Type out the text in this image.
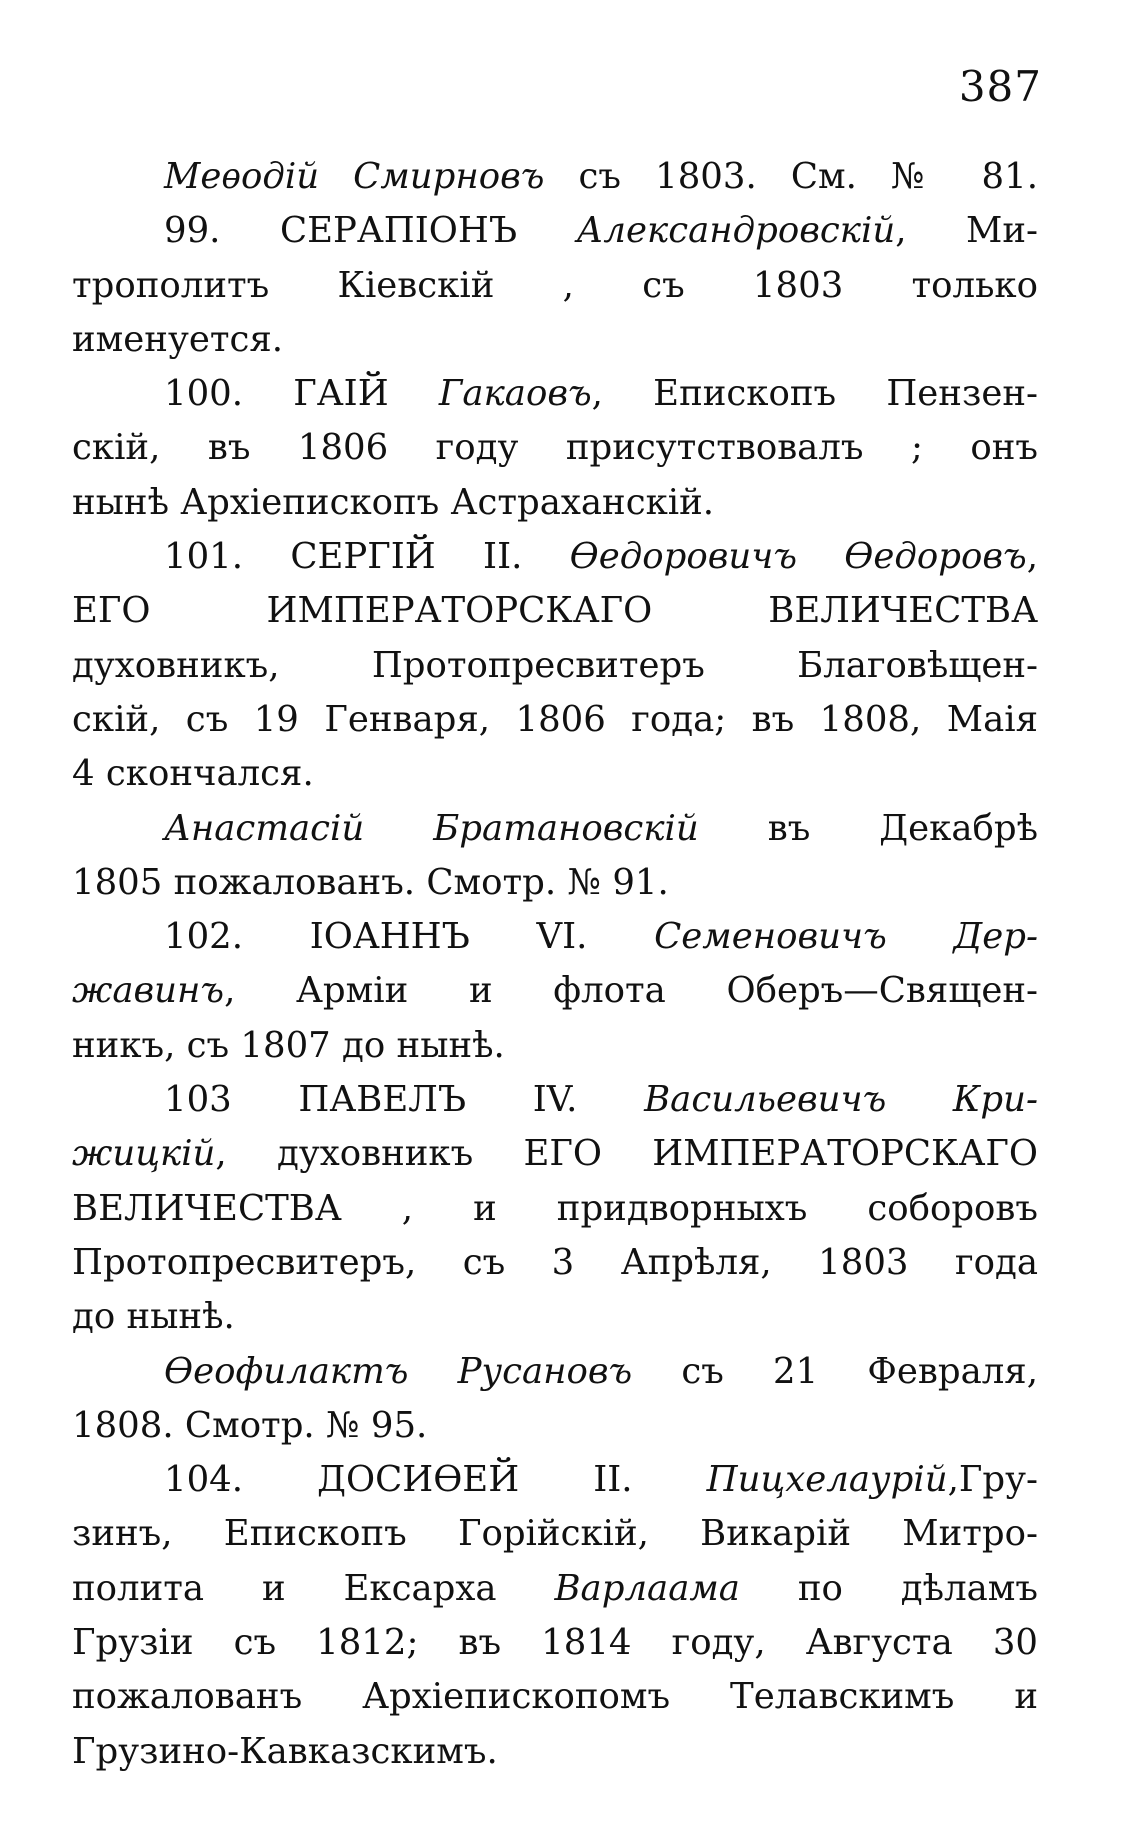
387
Меѳодій Смирновъ съ 1803. См. № 81.
99. СЕРАПІОНЪ Александровскій, Ми-
трополитъ Кіевскій , съ 1803 только
именуется.
100. ГАІЙ Гакаовъ, Епископъ Пензен-
скій, въ 1806 году присутствовалъ ; онъ
нынѣ Архіепископъ Астраханскій.
101. СЕРГІЙ II. Ѳедоровичъ Ѳедоровъ,
ЕГО ИМПЕРАТОРСКАГО ВЕЛИЧЕСТВА
духовникъ, Протопресвитеръ Благовѣщен-
скій, съ 19 Генваря, 1806 года; въ 1808, Маія
4 скончался.
Анастасій Братановскій въ Декабрѣ
1805 пожалованъ. Смотр. № 91.
102. ІОАННЪ VI. Семеновичъ Дер-
жавинъ, Арміи и флота Оберъ—Священ-
никъ, съ 1807 до нынѣ.
103 ПАВЕЛЪ IV. Васильевичъ Кри-
жицкій, духовникъ ЕГО ИМПЕРАТОРСКАГО
ВЕЛИЧЕСТВА , и придворныхъ соборовъ
Протопресвитеръ, съ 3 Апрѣля, 1803 года
до нынѣ.
Ѳеофилактъ Русановъ съ 21 Февраля,
1808. Смотр. № 95.
104. ДОСИѲЕЙ II. Пицхелаурій,Гру-
зинъ, Епископъ Горійскій, Викарій Митро-
полита и Ексарха Варлаама по дѣламъ
Грузіи съ 1812; въ 1814 году, Августа 30
пожалованъ Архіепископомъ Телавскимъ и
Грузино-Кавказскимъ.
